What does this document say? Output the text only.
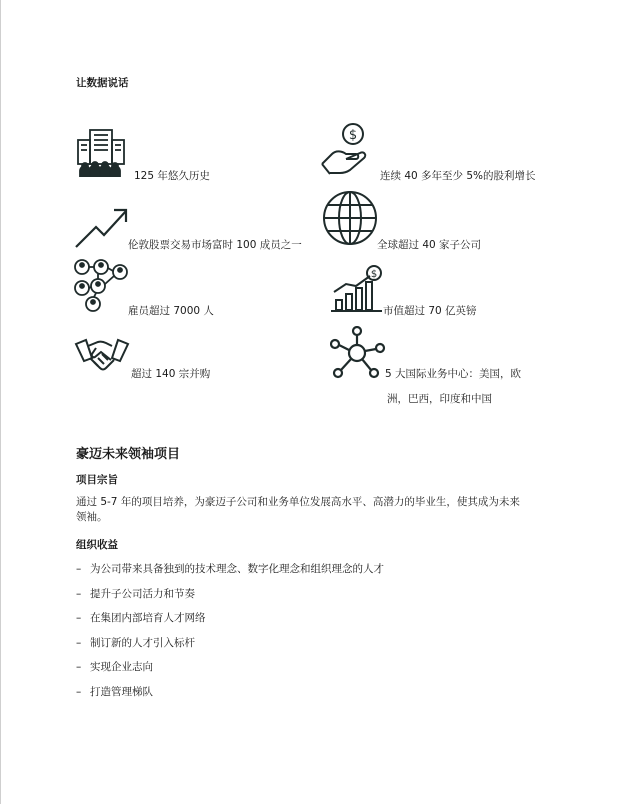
让数据说话
125 年悠久历史
$
连续 40 多年至少 5%的股利增长
伦敦股票交易市场富时 100 成员之一	全球超过 40 家子公司
雇员超过 7000 人
$
市值超过 70 亿英镑
超过 140 宗并购	5 大国际业务中心：美国，欧
洲，巴西，印度和中国
豪迈未来领袖项目
项目宗旨
通过 5-7 年的项目培养，为豪迈子公司和业务单位发展高水平、高潜力的毕业生，使其成为未来
领袖。
组织收益
– 为公司带来具备独到的技术理念、数字化理念和组织理念的人才
– 提升子公司活力和节奏
– 在集团内部培育人才网络
– 制订新的人才引入标杆
– 实现企业志向
– 打造管理梯队
